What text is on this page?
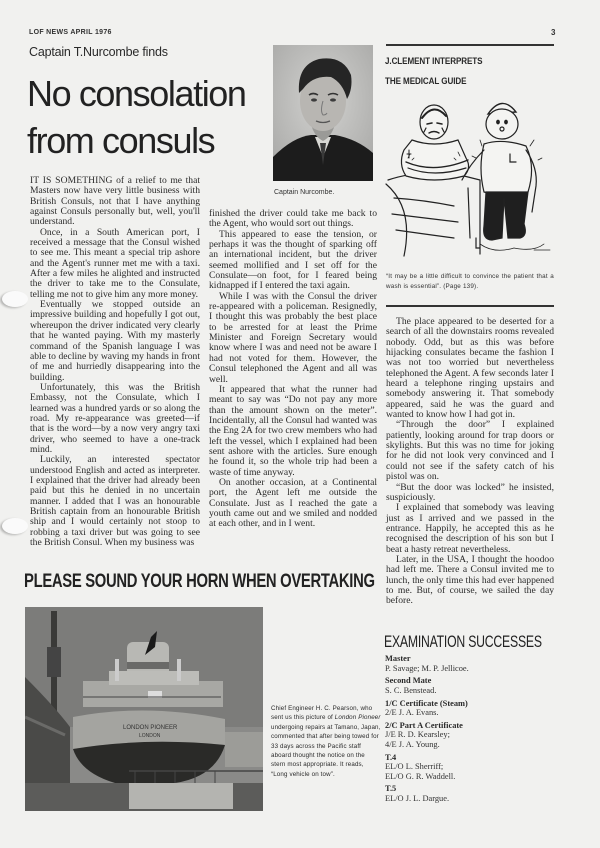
LOF NEWS APRIL 1976	3
Captain T.Nurcombe finds
No consolation
from consuls
Captain Nurcombe.

IT IS SOMETHING of a relief to me that Masters now have very little business with British Consuls, not that I have anything against Consuls personally but, well, you'll understand.

Once, in a South American port, I received a message that the Consul wished to see me. This meant a special trip ashore and the Agent's runner met me with a taxi. After a few miles he alighted and instructed the driver to take me to the Consulate, telling me not to give him any more money.

Eventually we stopped outside an impressive building and hopefully I got out, whereupon the driver indicated very clearly that he wanted paying. With my masterly command of the Spanish language I was able to decline by waving my hands in front of me and hurriedly disappearing into the building.

Unfortunately, this was the British Embassy, not the Consulate, which I learned was a hundred yards or so along the road. My re-appearance was greeted—if that is the word—by a now very angry taxi driver, who seemed to have a one-track mind.

Luckily, an interested spectator understood English and acted as interpreter. I explained that the driver had already been paid but this he denied in no uncertain manner. I added that I was an honourable British captain from an honourable British ship and I would certainly not stoop to robbing a taxi driver but was going to see the British Consul. When my business was

finished the driver could take me back to the Agent, who would sort out things.

This appeared to ease the tension, or perhaps it was the thought of sparking off an international incident, but the driver seemed mollified and I set off for the Consulate—on foot, for I feared being kidnapped if I entered the taxi again.

While I was with the Consul the driver re-appeared with a policeman. Resignedly, I thought this was probably the best place to be arrested for at least the Prime Minister and Foreign Secretary would know where I was and need not be aware I had not voted for them. However, the Consul telephoned the Agent and all was well.

It appeared that what the runner had meant to say was “Do not pay any more than the amount shown on the meter”. Incidentally, all the Consul had wanted was the Eng 2A for two crew members who had left the vessel, which I explained had been sent ashore with the articles. Sure enough he found it, so the whole trip had been a waste of time anyway.

On another occasion, at a Continental port, the Agent left me outside the Consulate. Just as I reached the gate a youth came out and we smiled and nodded at each other, and in I went.

J.CLEMENT INTERPRETS
THE MEDICAL GUIDE
“It may be a little difficult to convince the patient that a wash is essential”. (Page 139).

The place appeared to be deserted for a search of all the downstairs rooms revealed nobody. Odd, but as this was before hijacking consulates became the fashion I was not too worried but nevertheless telephoned the Agent. A few seconds later I heard a telephone ringing upstairs and somebody answering it. That somebody appeared, said he was the guard and wanted to know how I had got in.

“Through the door” I explained patiently, looking around for trap doors or skylights. But this was no time for joking for he did not look very convinced and I could not see if the safety catch of his pistol was on.

“But the door was locked” he insisted, suspiciously.

I explained that somebody was leaving just as I arrived and we passed in the entrance. Happily, he accepted this as he recognised the description of his son but I beat a hasty retreat nevertheless.

Later, in the USA, I thought the hoodoo had left me. There a Consul invited me to lunch, the only time this had ever happened to me. But, of course, we sailed the day before.

PLEASE SOUND YOUR HORN WHEN OVERTAKING
LONDON PIONEER
LONDON
Chief Engineer H. C. Pearson, who sent us this picture of London Pioneer undergoing repairs at Tamano, Japan, commented that after being towed for 33 days across the Pacific staff aboard thought the notice on the stern most appropriate. It reads, “Long vehicle on tow”.
EXAMINATION SUCCESSES
Master
P. Savage; M. P. Jellicoe.
Second Mate
S. C. Benstead.
1/C Certificate (Steam)
2/E J. A. Evans.
2/C Part A Certificate
J/E R. D. Kearsley;
4/E J. A. Young.
T.4
EL/O L. Sherriff;
EL/O G. R. Waddell.
T.5
EL/O J. L. Dargue.
